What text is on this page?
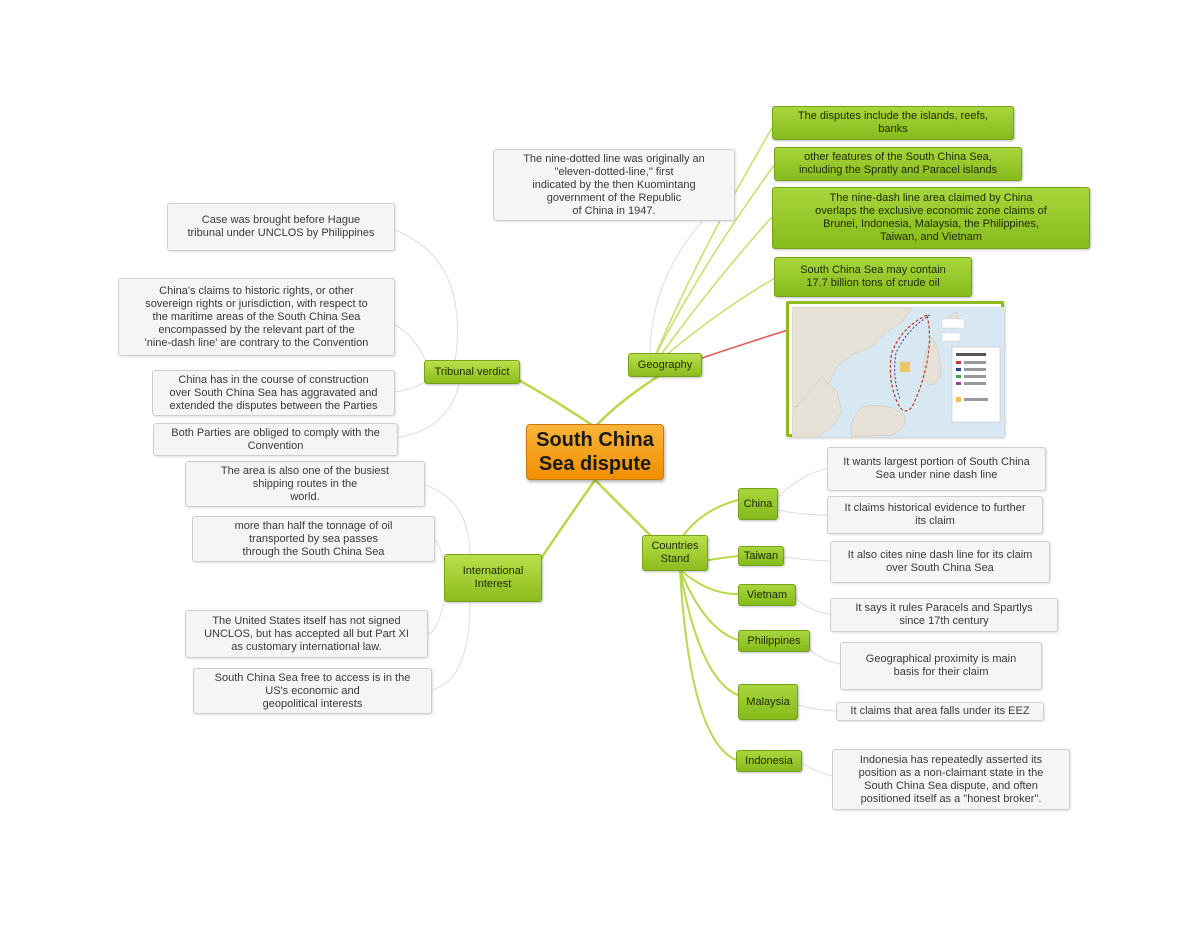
South China
Sea dispute
Geography
Tribunal verdict
International
Interest
Countries
Stand
The disputes include the islands, reefs,
banks
other features of the South China Sea,
including the Spratly and Paracel islands
The nine-dash line area claimed by China
overlaps the exclusive economic zone claims of
Brunei, Indonesia, Malaysia, the Philippines,
Taiwan, and Vietnam
South China Sea may contain
17.7 billion tons of crude oil
The nine-dotted line was originally an
"eleven-dotted-line," first
indicated by the then Kuomintang
government of the Republic
of China in 1947.
Case was brought before Hague
tribunal under UNCLOS by Philippines
China's claims to historic rights, or other
sovereign rights or jurisdiction, with respect to
the maritime areas of the South China Sea
encompassed by the relevant part of the
'nine-dash line' are contrary to the Convention
China has in the course of construction
over South China Sea has aggravated and
extended the disputes between the Parties
Both Parties are obliged to comply with the
Convention
The area is also one of the busiest
shipping routes in the
world.
more than half the tonnage of oil
transported by sea passes
through the South China Sea
The United States itself has not signed
UNCLOS, but has accepted all but Part XI
as customary international law.
South China Sea free to access is in the
US's economic and
geopolitical interests
China
It wants largest portion of South China
Sea under nine dash line
It claims historical evidence to further
its claim
Taiwan	It also cites nine dash line for its claim
over South China Sea
Vietnam
It says it rules Paracels and Spartlys
since 17th century
Philippines
Geographical proximity is main
basis for their claim
Malaysia
It claims that area falls under its EEZ
Indonesia	Indonesia has repeatedly asserted its
position as a non-claimant state in the
South China Sea dispute, and often
positioned itself as a "honest broker".
